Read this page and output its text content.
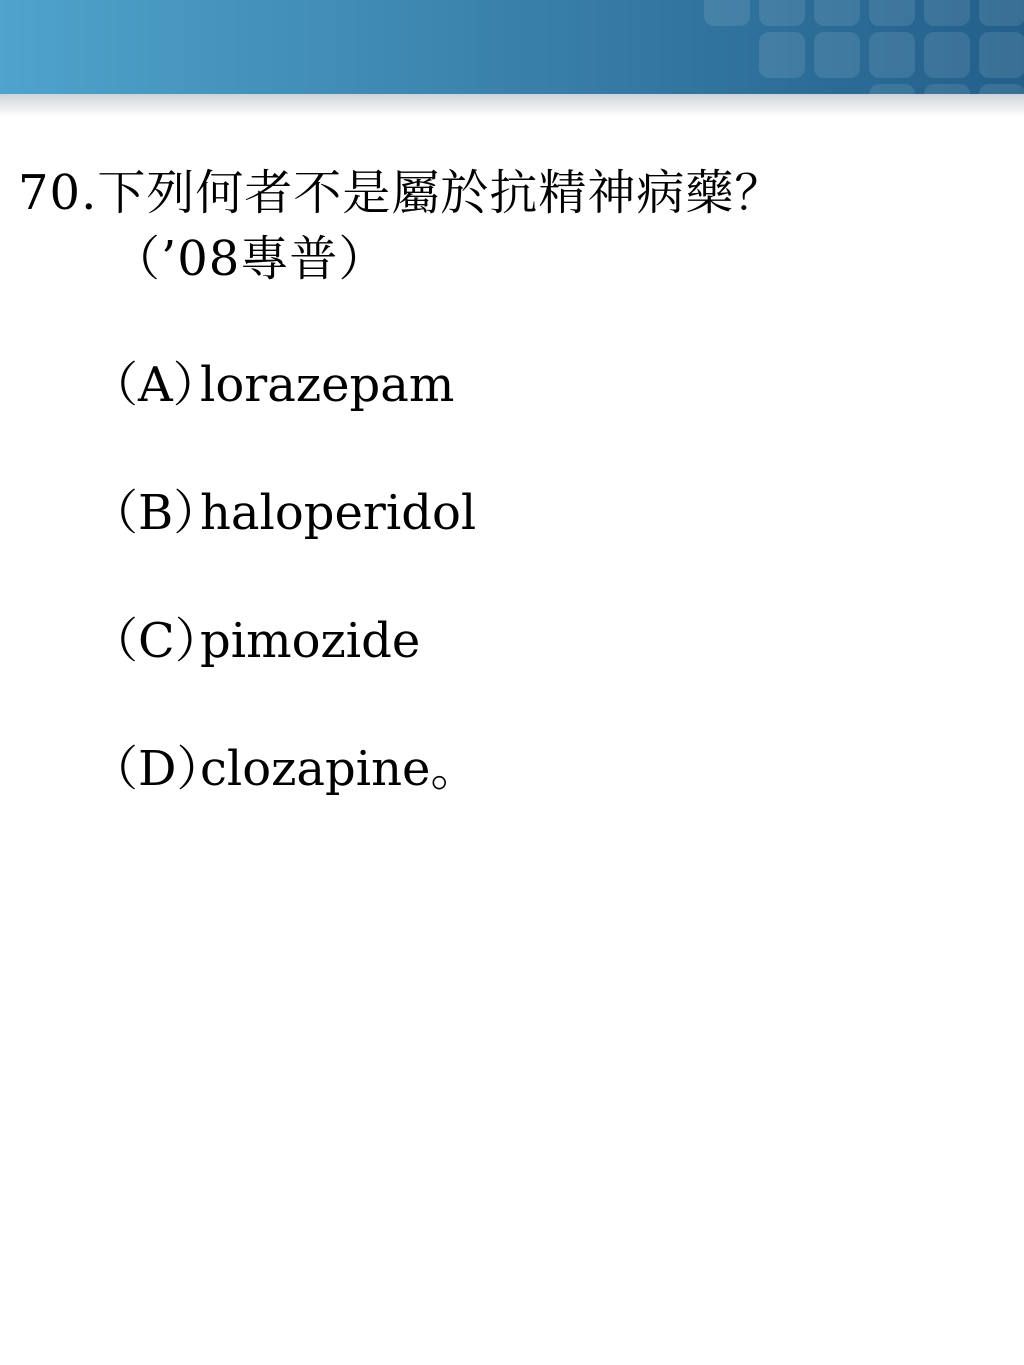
70.下列何者不是屬於抗精神病藥？
（’08專普）
（A）lorazepam
（B）haloperidol
（C）pimozide
（D）clozapine。
